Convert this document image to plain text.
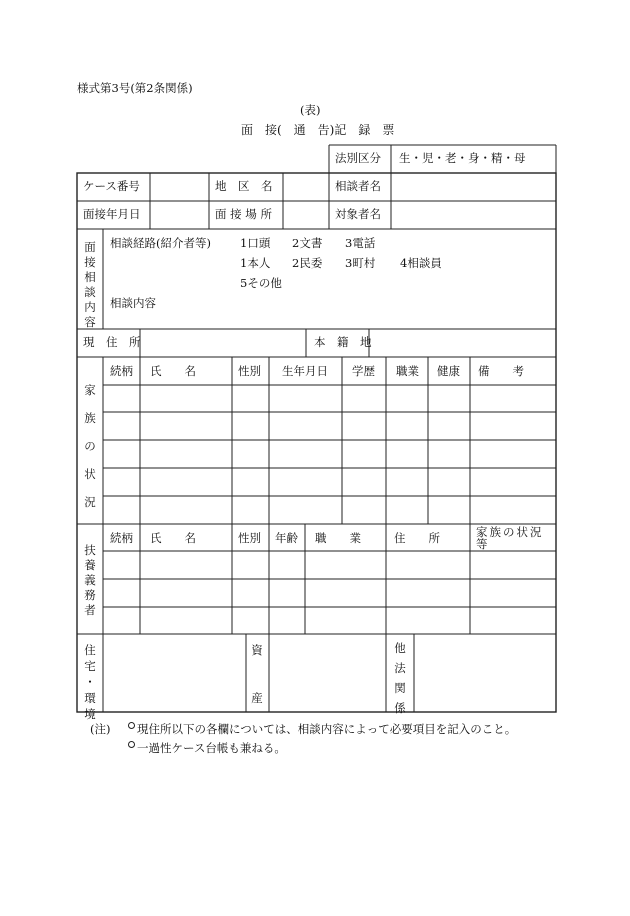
様式第3号(第2条関係)
(表)
面　接(　通　告)記　録　票
法別区分 生・児・老・身・精・母
ケース番号	地　区　名	相談者名
面接年月日	面 接 場 所	対象者名
面
接
相
談
内
容
相談経路(紹介者等)	1口頭 2文書 3電話
1本人 2民委 3町村 4相談員
5その他
相談内容
現　住　所	本　籍　地
家
族
の
状
況
続柄 氏　　名	性別 生年月日 学歴 職業 健康 備　　考
扶
養
義
務
者
続柄 氏　　名	性別 年齢 職　　業	住　　所	家族の状況等
住
宅
・
環
境
資
産
他
法
関
係
(注) 現住所以下の各欄については、相談内容によって必要項目を記入のこと。
一過性ケース台帳も兼ねる。
